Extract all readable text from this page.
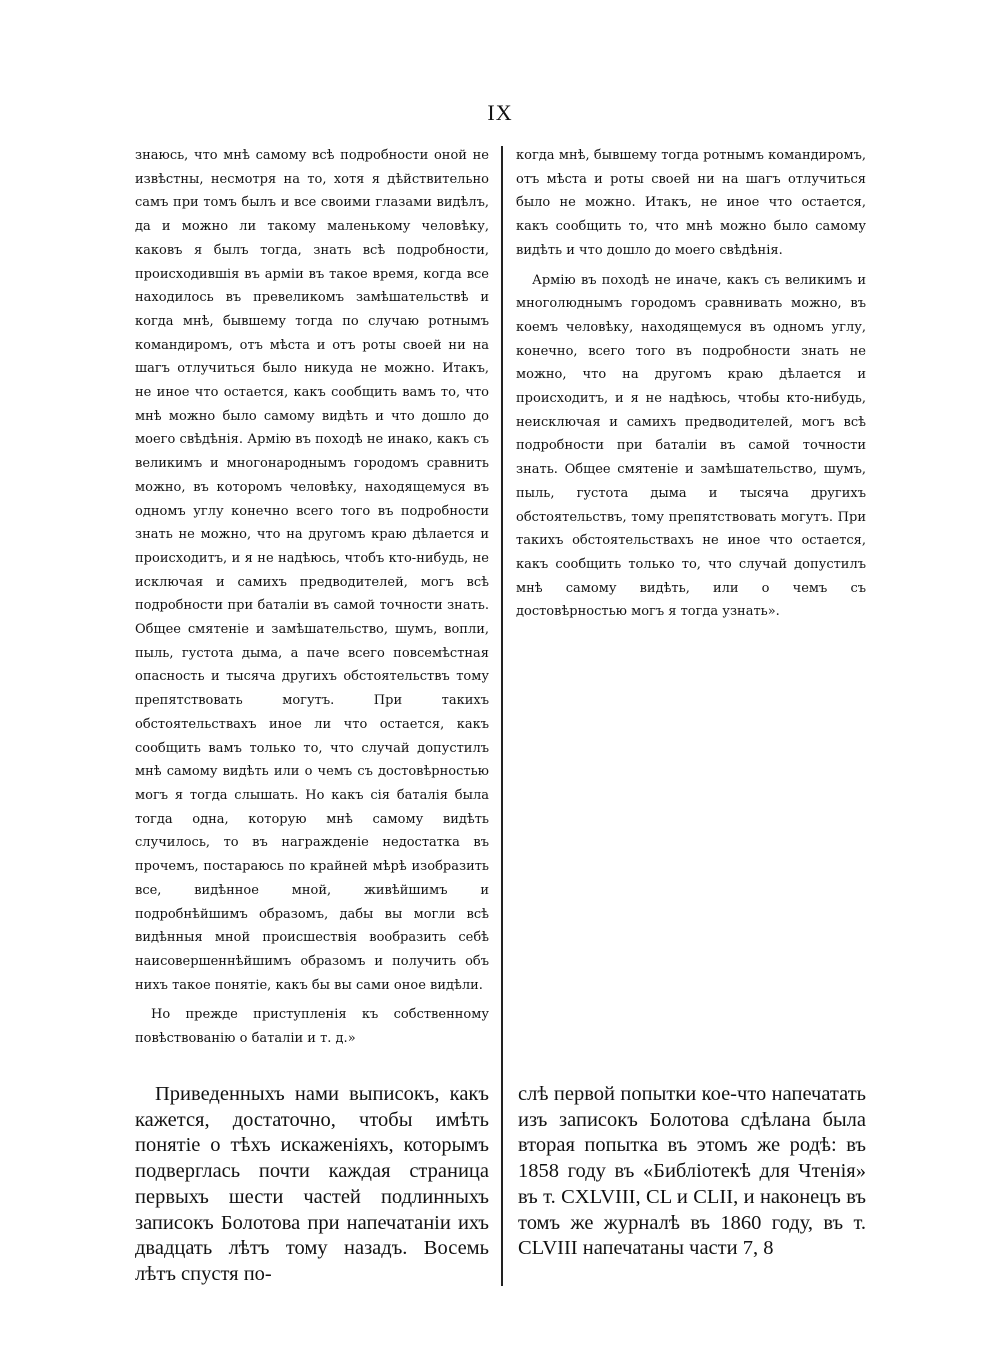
IX

знаюсь, что мнѣ самому всѣ подробности оной не извѣстны, несмотря на то, хотя я дѣйствительно самъ при томъ былъ и все своими глазами видѣлъ, да и можно ли такому маленькому человѣку, каковъ я былъ тогда, знать всѣ подробности, происходившія въ арміи въ такое время, когда все находилось въ превеликомъ замѣшательствѣ и когда мнѣ, бывшему тогда по случаю ротнымъ командиромъ, отъ мѣста и отъ роты своей ни на шагъ отлучиться было никуда не можно. Итакъ, не иное что остается, какъ сообщить вамъ то, что мнѣ можно было самому видѣть и что дошло до моего свѣдѣнія. Армію въ походѣ не инако, какъ съ великимъ и многонароднымъ городомъ сравнить можно, въ которомъ человѣку, находящемуся въ одномъ углу конечно всего того въ подробности знать не можно, что на другомъ краю дѣлается и происходитъ, и я не надѣюсь, чтобъ кто-нибудь, не исключая и самихъ предводителей, могъ всѣ подробности при баталіи въ самой точности знать. Общее смятеніе и замѣшательство, шумъ, вопли, пыль, густота дыма, а паче всего повсемѣстная опасность и тысяча другихъ обстоятельствъ тому препятствовать могутъ. При такихъ обстоятельствахъ иное ли что остается, какъ сообщить вамъ только то, что случай допустилъ мнѣ самому видѣть или о чемъ съ достовѣрностью могъ я тогда слышать. Но какъ сія баталія была тогда одна, которую мнѣ самому видѣть случилось, то въ награжденіе недостатка въ прочемъ, постараюсь по крайней мѣрѣ изобразить все, видѣнное мной, живѣйшимъ и подробнѣйшимъ образомъ, дабы вы могли всѣ видѣнныя мной происшествія вообразить себѣ наисовершеннѣйшимъ образомъ и получить объ нихъ такое понятіе, какъ бы вы сами оное видѣли.

Но прежде приступленія къ собственному повѣствованію о баталіи и т. д.»

когда мнѣ, бывшему тогда ротнымъ командиромъ, отъ мѣста и роты своей ни на шагъ отлучиться было не можно. Итакъ, не иное что остается, какъ сообщить то, что мнѣ можно было самому видѣть и что дошло до моего свѣдѣнія.

Армію въ походѣ не иначе, какъ съ великимъ и многолюднымъ городомъ сравнивать можно, въ коемъ человѣку, находящемуся въ одномъ углу, конечно, всего того въ подробности знать не можно, что на другомъ краю дѣлается и происходитъ, и я не надѣюсь, чтобы кто-нибудь, неисключая и самихъ предводителей, могъ всѣ подробности при баталіи въ самой точности знать. Общее смятеніе и замѣшательство, шумъ, пыль, густота дыма и тысяча другихъ обстоятельствъ, тому препятствовать могутъ. При такихъ обстоятельствахъ не иное что остается, какъ сообщить только то, что случай допустилъ мнѣ самому видѣть, или о чемъ съ достовѣрностью могъ я тогда узнать».

Приведенныхъ нами выписокъ, какъ кажется, достаточно, чтобы имѣть понятіе о тѣхъ искаженіяхъ, которымъ подверглась почти каждая страница первыхъ шести частей подлинныхъ записокъ Болотова при напечатаніи ихъ двадцать лѣтъ тому назадъ. Восемь лѣтъ спустя по-

слѣ первой попытки кое-что напечатать изъ записокъ Болотова сдѣлана была вторая попытка въ этомъ же родѣ: въ 1858 году въ «Библіотекѣ для Чтенія» въ т. CXLVIII, CL и CLII, и наконецъ въ томъ же журналѣ въ 1860 году, въ т. CLVIII напечатаны части 7, 8
